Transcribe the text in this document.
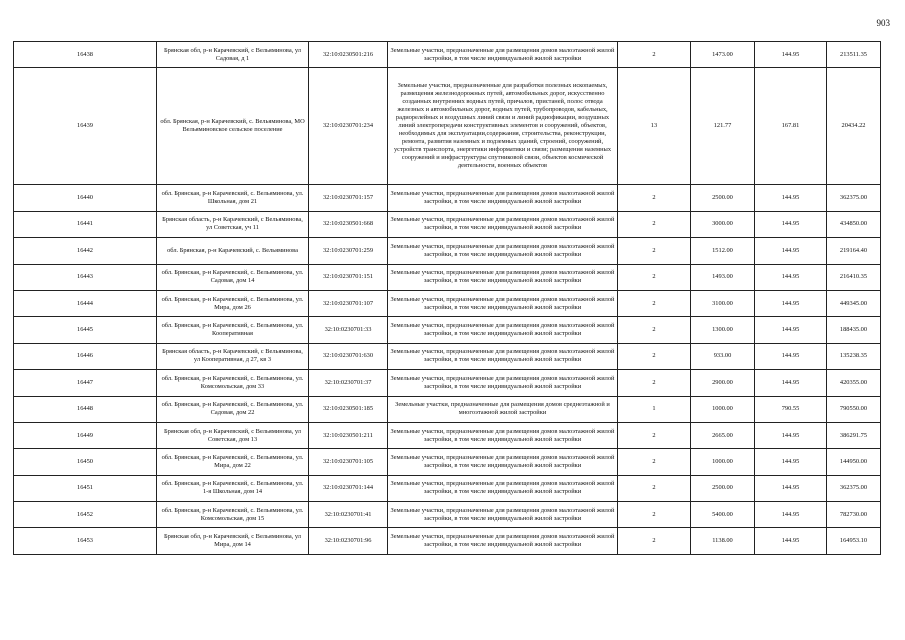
903
16438	Брянская обл, р-н Карачевский, с Вельяминова, ул Садовая, д 1	32:10:0230501:216	Земельные участки, предназначенные для размещения домов малоэтажной жилой застройки, в том числе индивидуальной жилой застройки	2	1473.00	144.95	213511.35
16439	обл. Брянская, р-н Карачевский, с. Вельяминова, МО Вельяминовское сельское поселение	32:10:0230701:234	Земельные участки, предназначенные для разработки полезных ископаемых, размещения железнодорожных путей, автомобильных дорог, искусственно созданных внутренних водных путей, причалов, пристаней, полос отвода железных и автомобильных дорог, водных путей, трубопроводов, кабельных, радиорелейных и воздушных линий связи и линий радиофикации, воздушных линий электропередачи конструктивных элементов и сооружений, объектов, необходимых для эксплуатации,содержания, строительства, реконструкции, ремонта, развития наземных и подземных зданий, строений, сооружений, устройств транспорта, энергетики информатики и связи; размещения наземных сооружений и инфраструктуры спутниковой связи, объектов космической деятельности, военных объектов	13	121.77	167.81	20434.22
16440	обл. Брянская, р-н Карачевский, с. Вельяминова, ул. Школьная, дом 21	32:10:0230701:157	Земельные участки, предназначенные для размещения домов малоэтажной жилой застройки, в том числе индивидуальной жилой застройки	2	2500.00	144.95	362375.00
16441	Брянская область, р-н Карачевский, с Вельяминова, ул Советская, уч 11	32:10:0230501:668	Земельные участки, предназначенные для размещения домов малоэтажной жилой застройки, в том числе индивидуальной жилой застройки	2	3000.00	144.95	434850.00
16442	обл. Брянская, р-н Карачевский, с. Вельяминова	32:10:0230701:259	Земельные участки, предназначенные для размещения домов малоэтажной жилой застройки, в том числе индивидуальной жилой застройки	2	1512.00	144.95	219164.40
16443	обл. Брянская, р-н Карачевский, с. Вельяминова, ул. Садовая, дом 14	32:10:0230701:151	Земельные участки, предназначенные для размещения домов малоэтажной жилой застройки, в том числе индивидуальной жилой застройки	2	1493.00	144.95	216410.35
16444	обл. Брянская, р-н Карачевский, с. Вельяминова, ул. Мира, дом 26	32:10:0230701:107	Земельные участки, предназначенные для размещения домов малоэтажной жилой застройки, в том числе индивидуальной жилой застройки	2	3100.00	144.95	449345.00
16445	обл. Брянская, р-н Карачевский, с. Вельяминова, ул. Кооперативная	32:10:0230701:33	Земельные участки, предназначенные для размещения домов малоэтажной жилой застройки, в том числе индивидуальной жилой застройки	2	1300.00	144.95	188435.00
16446	Брянская область, р-н Карачевский, с Вельяминова, ул Кооперативная, д 27, кв 3	32:10:0230701:630	Земельные участки, предназначенные для размещения домов малоэтажной жилой застройки, в том числе индивидуальной жилой застройки	2	933.00	144.95	135238.35
16447	обл. Брянская, р-н Карачевский, с. Вельяминова, ул. Комсомольская, дом 33	32:10:0230701:37	Земельные участки, предназначенные для размещения домов малоэтажной жилой застройки, в том числе индивидуальной жилой застройки	2	2900.00	144.95	420355.00
16448	обл. Брянская, р-н Карачевский, с. Вельяминова, ул. Садовая, дом 22	32:10:0230501:185	Земельные участки, предназначенные для размещения домов среднеэтажной и многоэтажной жилой застройки	1	1000.00	790.55	790550.00
16449	Брянская обл, р-н Карачевский, с Вельяминова, ул Советская, дом 13	32:10:0230501:211	Земельные участки, предназначенные для размещения домов малоэтажной жилой застройки, в том числе индивидуальной жилой застройки	2	2665.00	144.95	386291.75
16450	обл. Брянская, р-н Карачевский, с. Вельяминова, ул. Мира, дом 22	32:10:0230701:105	Земельные участки, предназначенные для размещения домов малоэтажной жилой застройки, в том числе индивидуальной жилой застройки	2	1000.00	144.95	144950.00
16451	обл. Брянская, р-н Карачевский, с. Вельяминова, ул. 1-я Школьная, дом 14	32:10:0230701:144	Земельные участки, предназначенные для размещения домов малоэтажной жилой застройки, в том числе индивидуальной жилой застройки	2	2500.00	144.95	362375.00
16452	обл. Брянская, р-н Карачевский, с. Вельяминова, ул. Комсомольская, дом 15	32:10:0230701:41	Земельные участки, предназначенные для размещения домов малоэтажной жилой застройки, в том числе индивидуальной жилой застройки	2	5400.00	144.95	782730.00
16453	Брянская обл, р-н Карачевский, с Вельяминова, ул Мира, дом 14	32:10:0230701:96	Земельные участки, предназначенные для размещения домов малоэтажной жилой застройки, в том числе индивидуальной жилой застройки	2	1138.00	144.95	164953.10
